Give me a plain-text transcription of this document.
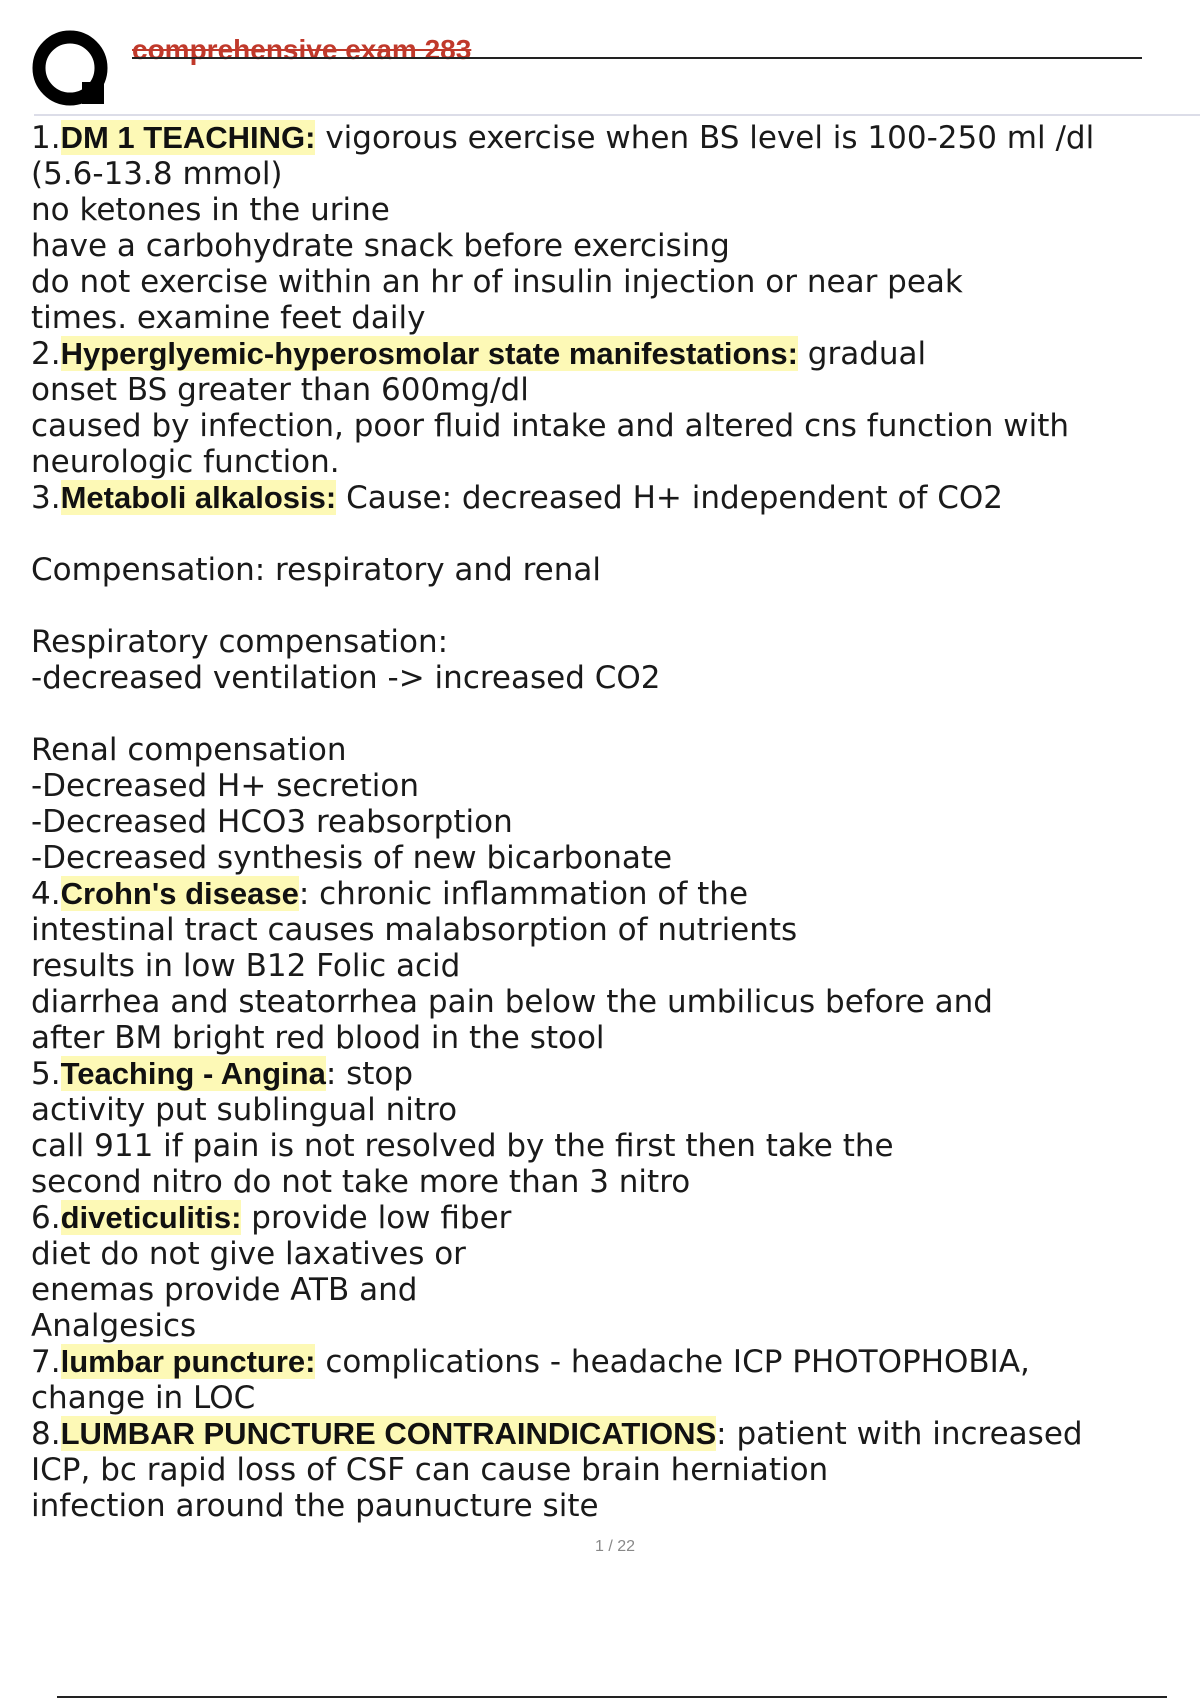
comprehensive exam 283
1.DM 1 TEACHING: vigorous exercise when BS level is 100-250 ml /dl
(5.6-13.8 mmol)
no ketones in the urine
have a carbohydrate snack before exercising
do not exercise within an hr of insulin injection or near peak
times. examine feet daily
2.Hyperglyemic-hyperosmolar state manifestations: gradual
onset BS greater than 600mg/dl
caused by infection, poor fluid intake and altered cns function with
neurologic function.
3.Metaboli alkalosis: Cause: decreased H+ independent of CO2
Compensation: respiratory and renal
Respiratory compensation:
-decreased ventilation -> increased CO2
Renal compensation
-Decreased H+ secretion
-Decreased HCO3 reabsorption
-Decreased synthesis of new bicarbonate
4.Crohn's disease: chronic inflammation of the
intestinal tract causes malabsorption of nutrients
results in low B12 Folic acid
diarrhea and steatorrhea pain below the umbilicus before and
after BM bright red blood in the stool
5.Teaching - Angina: stop
activity put sublingual nitro
call 911 if pain is not resolved by the first then take the
second nitro do not take more than 3 nitro
6.diveticulitis: provide low fiber
diet do not give laxatives or
enemas provide ATB and
Analgesics
7.lumbar puncture: complications - headache ICP PHOTOPHOBIA,
change in LOC
8.LUMBAR PUNCTURE CONTRAINDICATIONS: patient with increased
ICP, bc rapid loss of CSF can cause brain herniation
infection around the paunucture site
1 / 22
